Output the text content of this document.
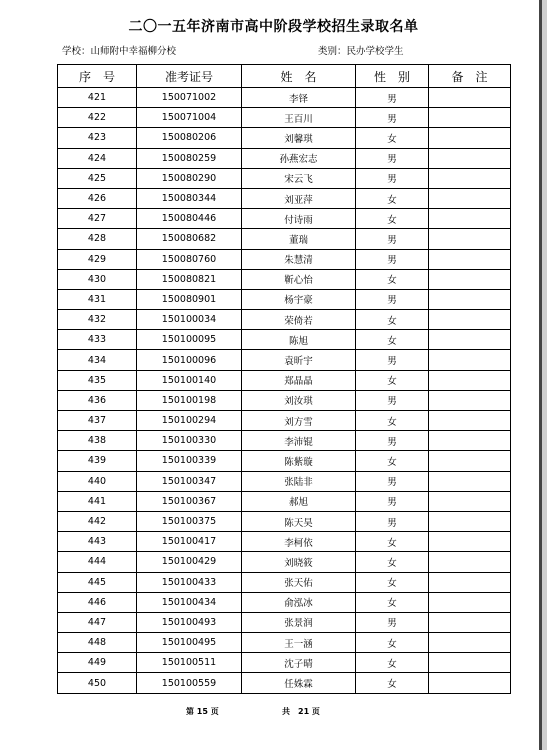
二〇一五年济南市高中阶段学校招生录取名单
学校：山师附中幸福柳分校	类别：民办学校学生
序　号	准考证号	姓　名	性　别	备　注
421	150071002	李铎	男	
422	150071004	王百川	男	
423	150080206	刘馨琪	女	
424	150080259	孙燕宏志	男	
425	150080290	宋云飞	男	
426	150080344	刘亚萍	女	
427	150080446	付诗雨	女	
428	150080682	董瑞	男	
429	150080760	朱慧清	男	
430	150080821	靳心怡	女	
431	150080901	杨宇豪	男	
432	150100034	荣倚若	女	
433	150100095	陈旭	女	
434	150100096	袁昕宇	男	
435	150100140	郑晶晶	女	
436	150100198	刘汝琪	男	
437	150100294	刘方雪	女	
438	150100330	李沛锟	男	
439	150100339	陈紫璇	女	
440	150100347	张陆非	男	
441	150100367	郝旭	男	
442	150100375	陈天昊	男	
443	150100417	李柯依	女	
444	150100429	刘晓筱	女	
445	150100433	张天佑	女	
446	150100434	俞泓冰	女	
447	150100493	张景润	男	
448	150100495	王一涵	女	
449	150100511	沈子晴	女	
450	150100559	任姝霖	女	
第 15 页	共　21 页
